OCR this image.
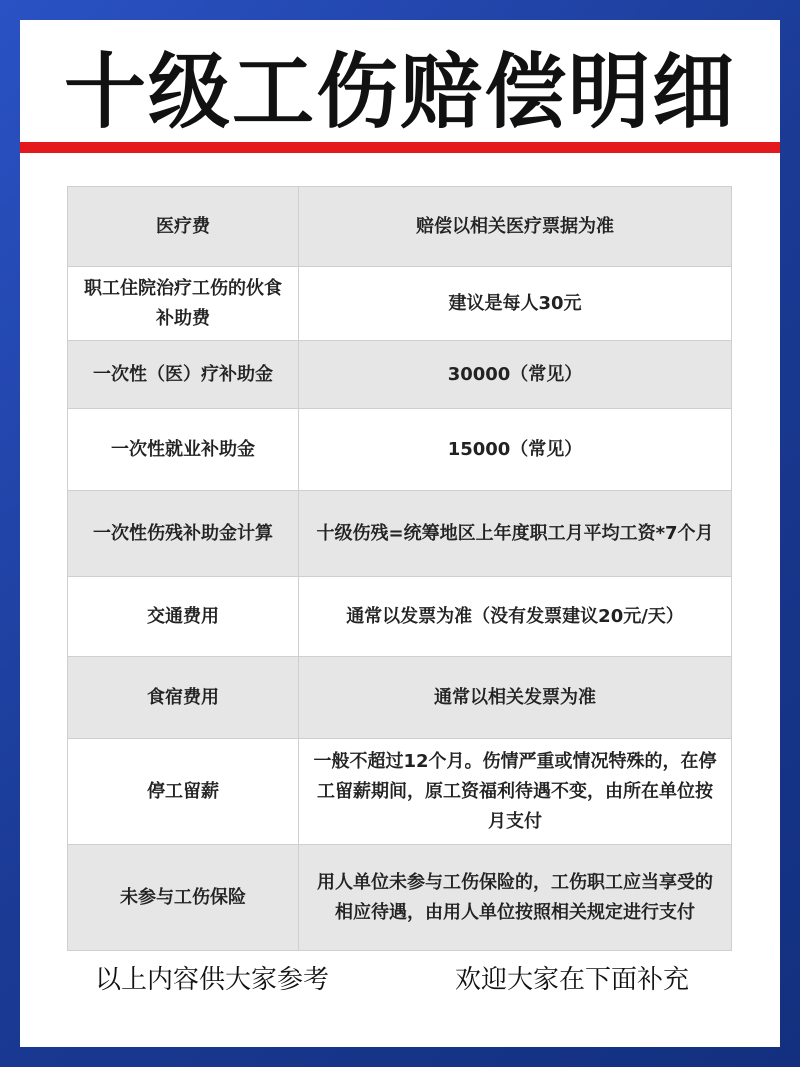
十级工伤赔偿明细
医疗费	赔偿以相关医疗票据为准
职工住院治疗工伤的伙食补助费	建议是每人30元
一次性（医）疗补助金	30000（常见）
一次性就业补助金	15000（常见）
一次性伤残补助金计算	十级伤残=统筹地区上年度职工月平均工资*7个月
交通费用	通常以发票为准（没有发票建议20元/天）
食宿费用	通常以相关发票为准
停工留薪	一般不超过12个月。伤情严重或情况特殊的，在停工留薪期间，原工资福利待遇不变，由所在单位按月支付
未参与工伤保险	用人单位未参与工伤保险的，工伤职工应当享受的相应待遇，由用人单位按照相关规定进行支付
以上内容供大家参考	欢迎大家在下面补充
